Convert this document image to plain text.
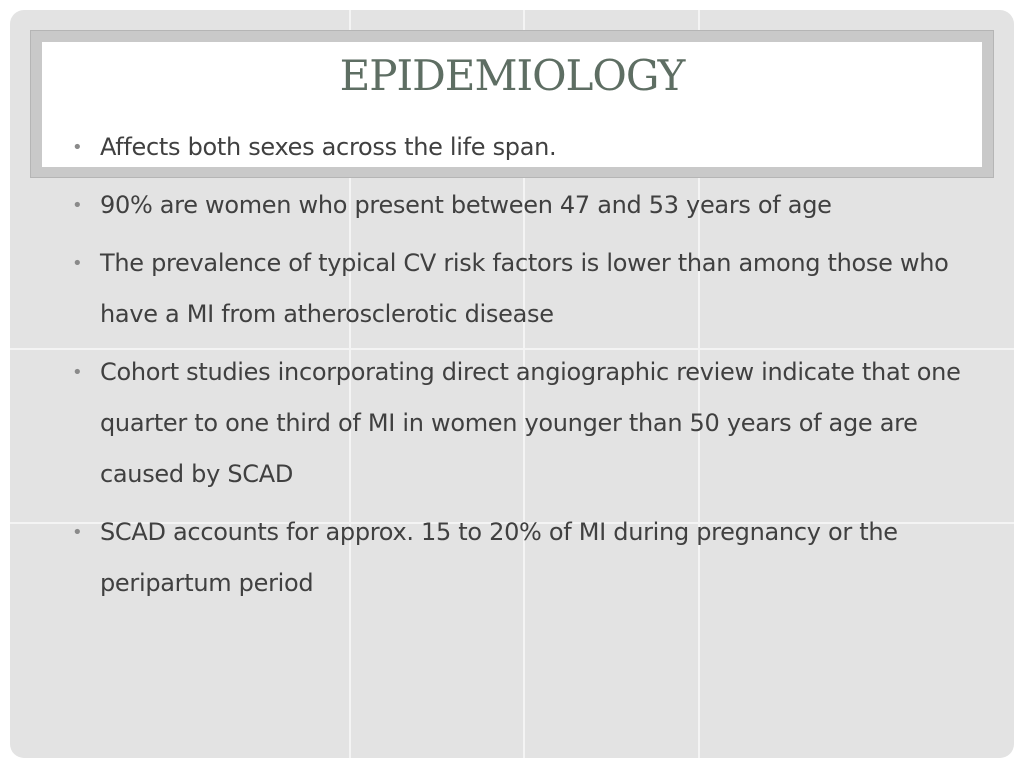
EPIDEMIOLOGY
• Affects both sexes across the life span.
• 90% are women who present between 47 and 53 years of age
• The prevalence of typical CV risk factors is lower than among those who have a MI from atherosclerotic disease
• Cohort studies incorporating direct angiographic review indicate that one quarter to one third of MI in women younger than 50 years of age are caused by SCAD
• SCAD accounts for approx. 15 to 20% of MI during pregnancy or the peripartum period
